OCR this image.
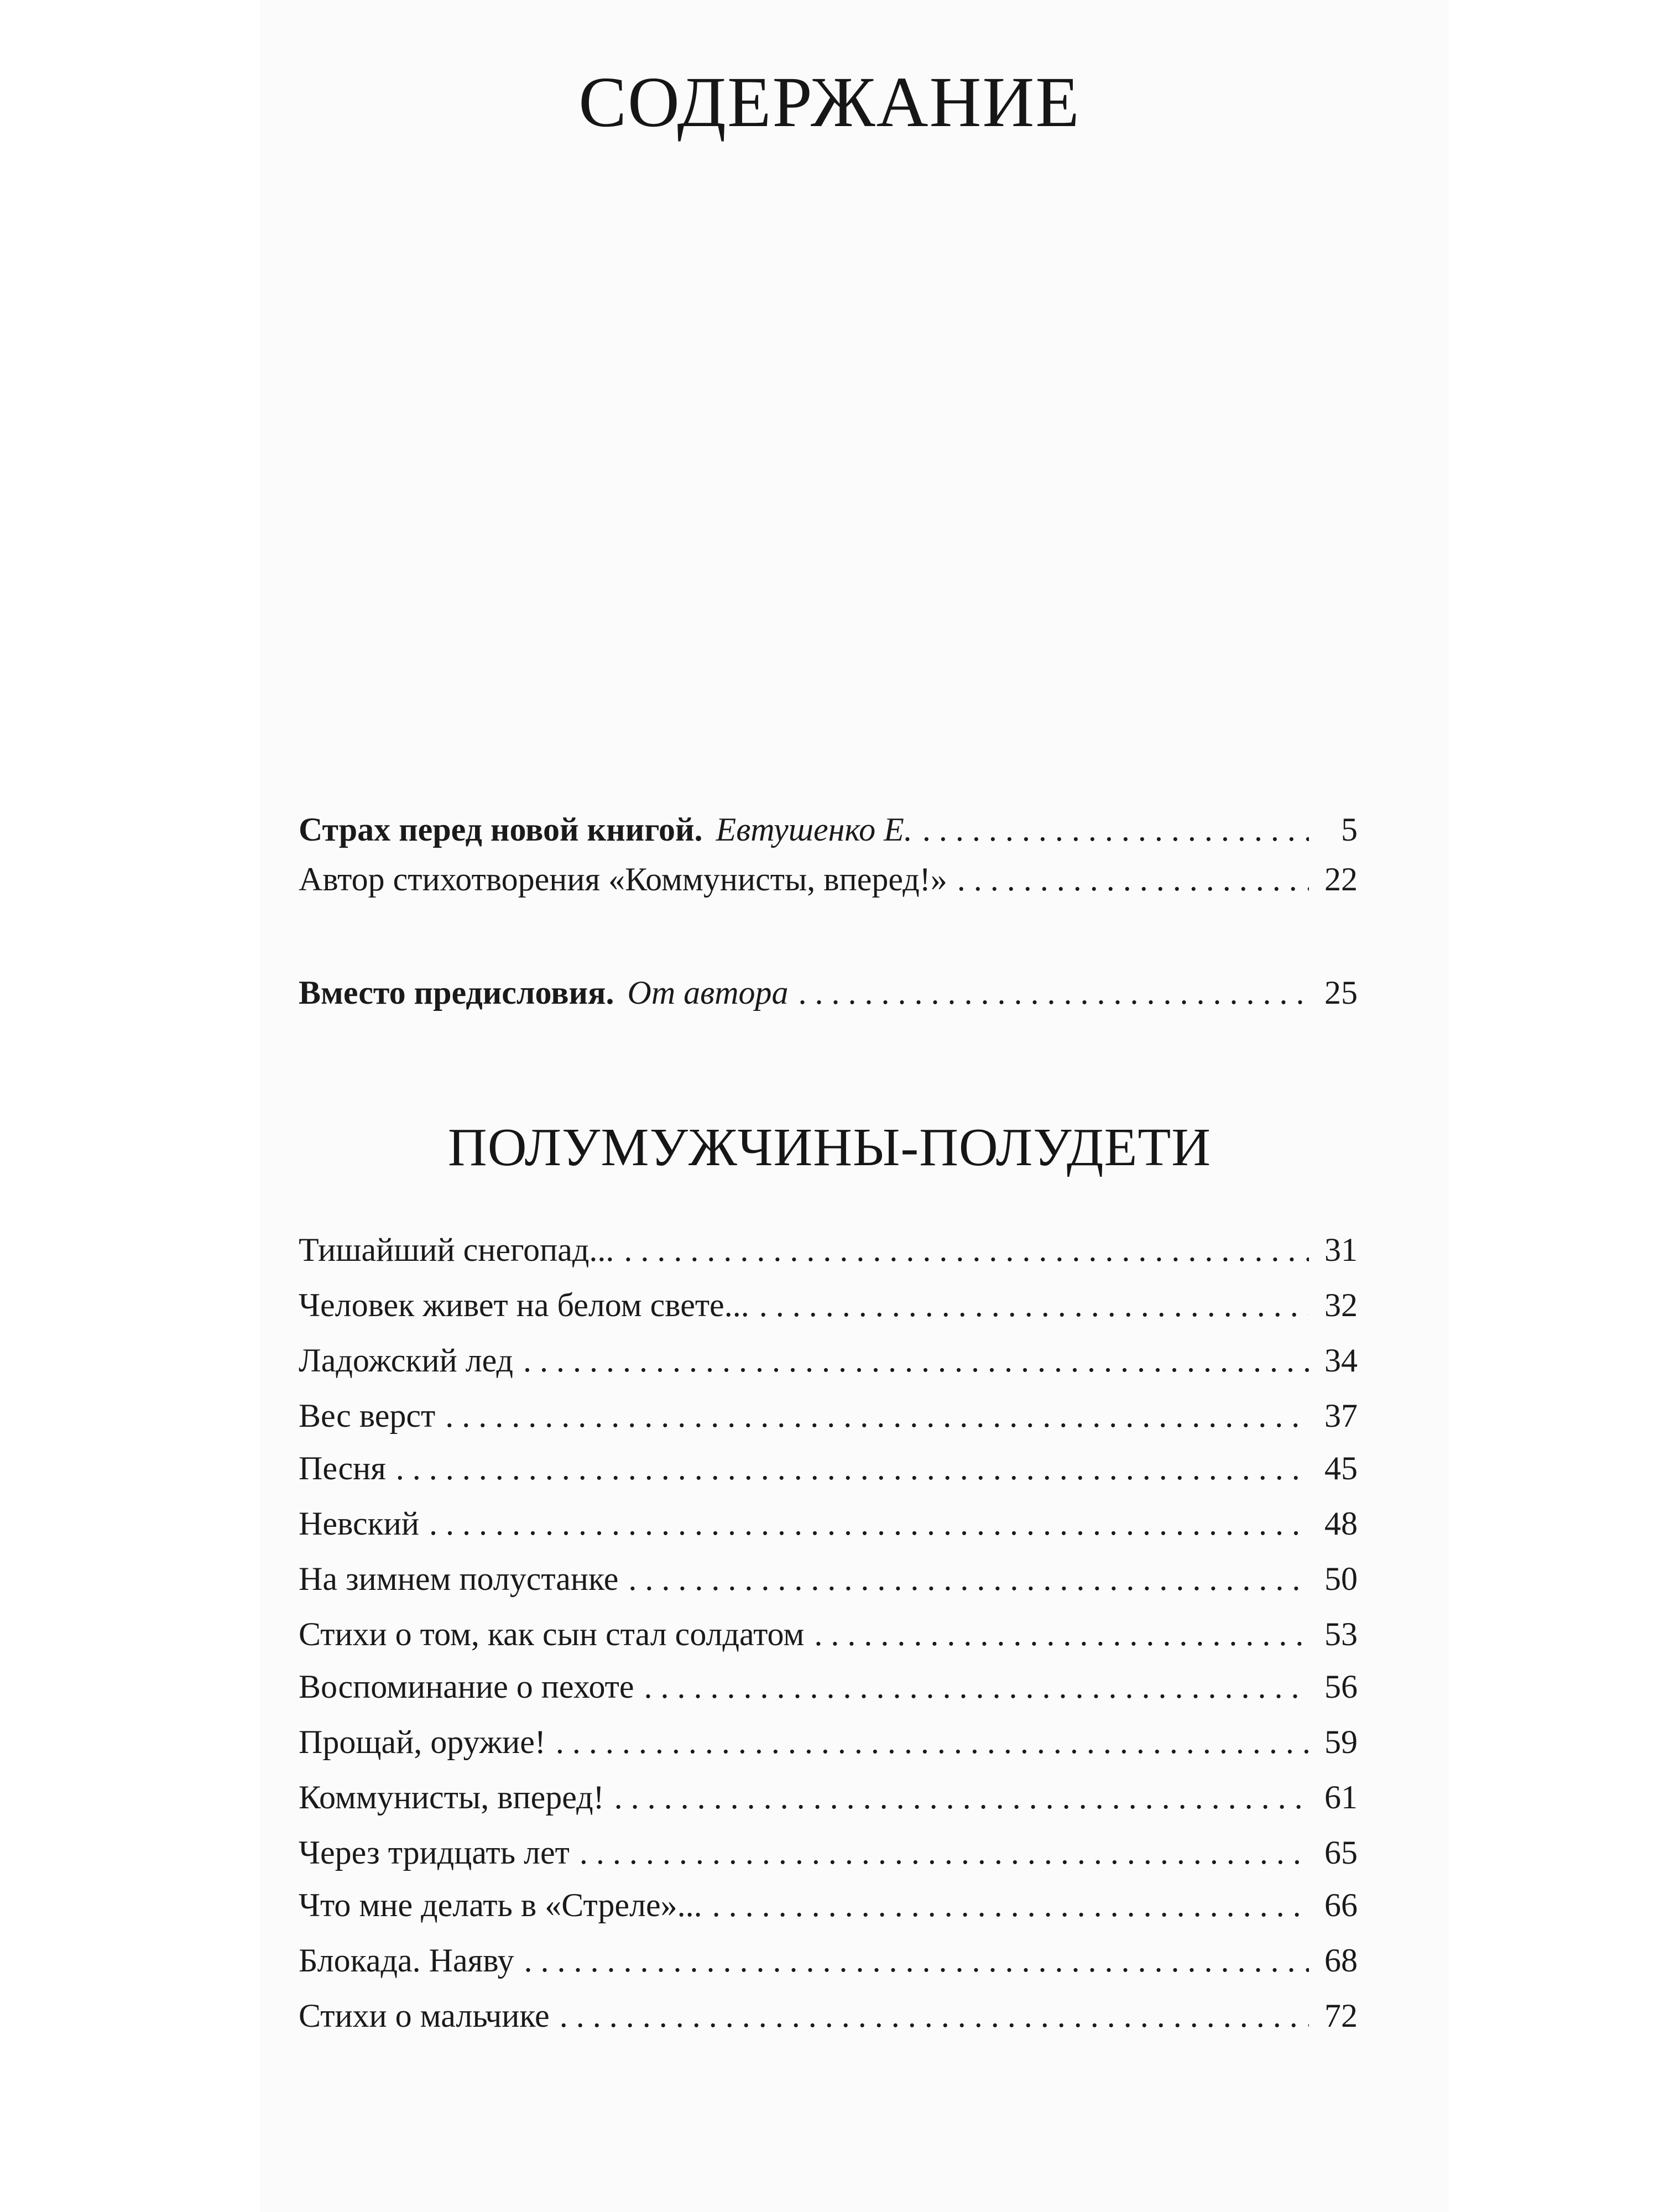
СОДЕРЖАНИЕ
Страх перед новой книгой. Евтушенко Е. . . .	5
Автор стихотворения «Коммунисты, вперед!» . . .	22
Вместо предисловия. От автора . . .	25
ПОЛУМУЖЧИНЫ-ПОЛУДЕТИ
Тишайший снегопад... . . .	31
Человек живет на белом свете... . . .	32
Ладожский лед . . .	34
Вес верст . . .	37
Песня . . .	45
Невский . . .	48
На зимнем полустанке . . .	50
Стихи о том, как сын стал солдатом . . .	53
Воспоминание о пехоте . . .	56
Прощай, оружие! . . .	59
Коммунисты, вперед! . . .	61
Через тридцать лет . . .	65
Что мне делать в «Стреле»... . . .	66
Блокада. Наяву . . .	68
Стихи о мальчике . . .	72
